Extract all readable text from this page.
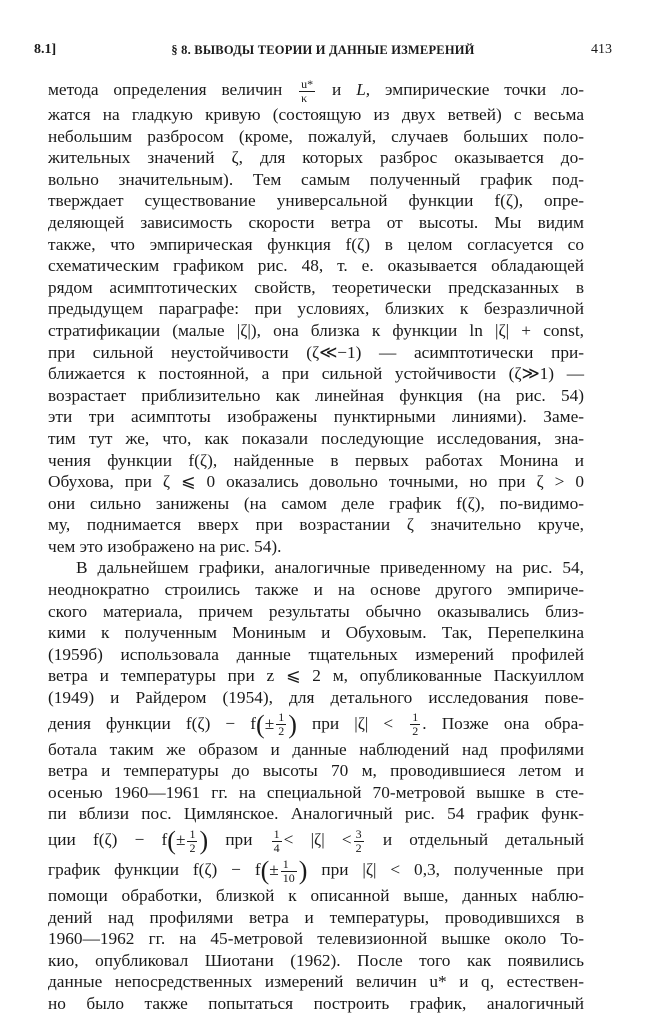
8.1]	§ 8. ВЫВОДЫ ТЕОРИИ И ДАННЫЕ ИЗМЕРЕНИЙ	413
метода определения величин $\frac{u*}{\kappa}$ и L, эмпирические точки ло-
жатся на гладкую кривую (состоящую из двух ветвей) с весьма
небольшим разбросом (кроме, пожалуй, случаев больших поло-
жительных значений ζ, для которых разброс оказывается до-
вольно значительным). Тем самым полученный график под-
тверждает существование универсальной функции f(ζ), опре-
деляющей зависимость скорости ветра от высоты. Мы видим
также, что эмпирическая функция f(ζ) в целом согласуется со
схематическим графиком рис. 48, т. е. оказывается обладающей
рядом асимптотических свойств, теоретически предсказанных в
предыдущем параграфе: при условиях, близких к безразличной
стратификации (малые |ζ|), она близка к функции ln |ζ| + const,
при сильной неустойчивости (ζ≪−1) — асимптотически при-
ближается к постоянной, а при сильной устойчивости (ζ≫1) —
возрастает приблизительно как линейная функция (на рис. 54)
эти три асимптоты изображены пунктирными линиями). Заме-
тим тут же, что, как показали последующие исследования, зна-
чения функции f(ζ), найденные в первых работах Монина и
Обухова, при ζ ⩽ 0 оказались довольно точными, но при ζ > 0
они сильно занижены (на самом деле график f(ζ), по-видимо-
му, поднимается вверх при возрастании ζ значительно круче,
чем это изображено на рис. 54).
В дальнейшем графики, аналогичные приведенному на рис. 54,
неоднократно строились также и на основе другого эмпириче-
ского материала, причем результаты обычно оказывались близ-
кими к полученным Мониным и Обуховым. Так, Перепелкина
(1959б) использовала данные тщательных измерений профилей
ветра и температуры при z ⩽ 2 м, опубликованные Паскуиллом
(1949) и Райдером (1954), для детального исследования пове-
дения функции $f(\zeta) - f(\pm \frac{1}{2}$ ) при $|\zeta| < \frac{1}{2}$ . Позже она обра-
ботала таким же образом и данные наблюдений над профилями
ветра и температуры до высоты 70 м, проводившиеся летом и
осенью 1960—1961 гг. на специальной 70-метровой вышке в сте-
пи вблизи пос. Цимлянское. Аналогичный рис. 54 график функ-
ции $f(\zeta) - f(\pm \frac{1}{2}$ ) при $\frac{1}{4} < |\zeta| < \frac{3}{2}$ и отдельный детальный
график функции $f(\zeta) - f(\pm \frac{1}{10}$ ) при |ζ| < 0,3, полученные при
помощи обработки, близкой к описанной выше, данных наблю-
дений над профилями ветра и температуры, проводившихся в
1960—1962 гг. на 45-метровой телевизионной вышке около То-
кио, опубликовал Шиотани (1962). После того как появились
данные непосредственных измерений величин u* и q, естествен-
но было также попытаться построить график, аналогичный
